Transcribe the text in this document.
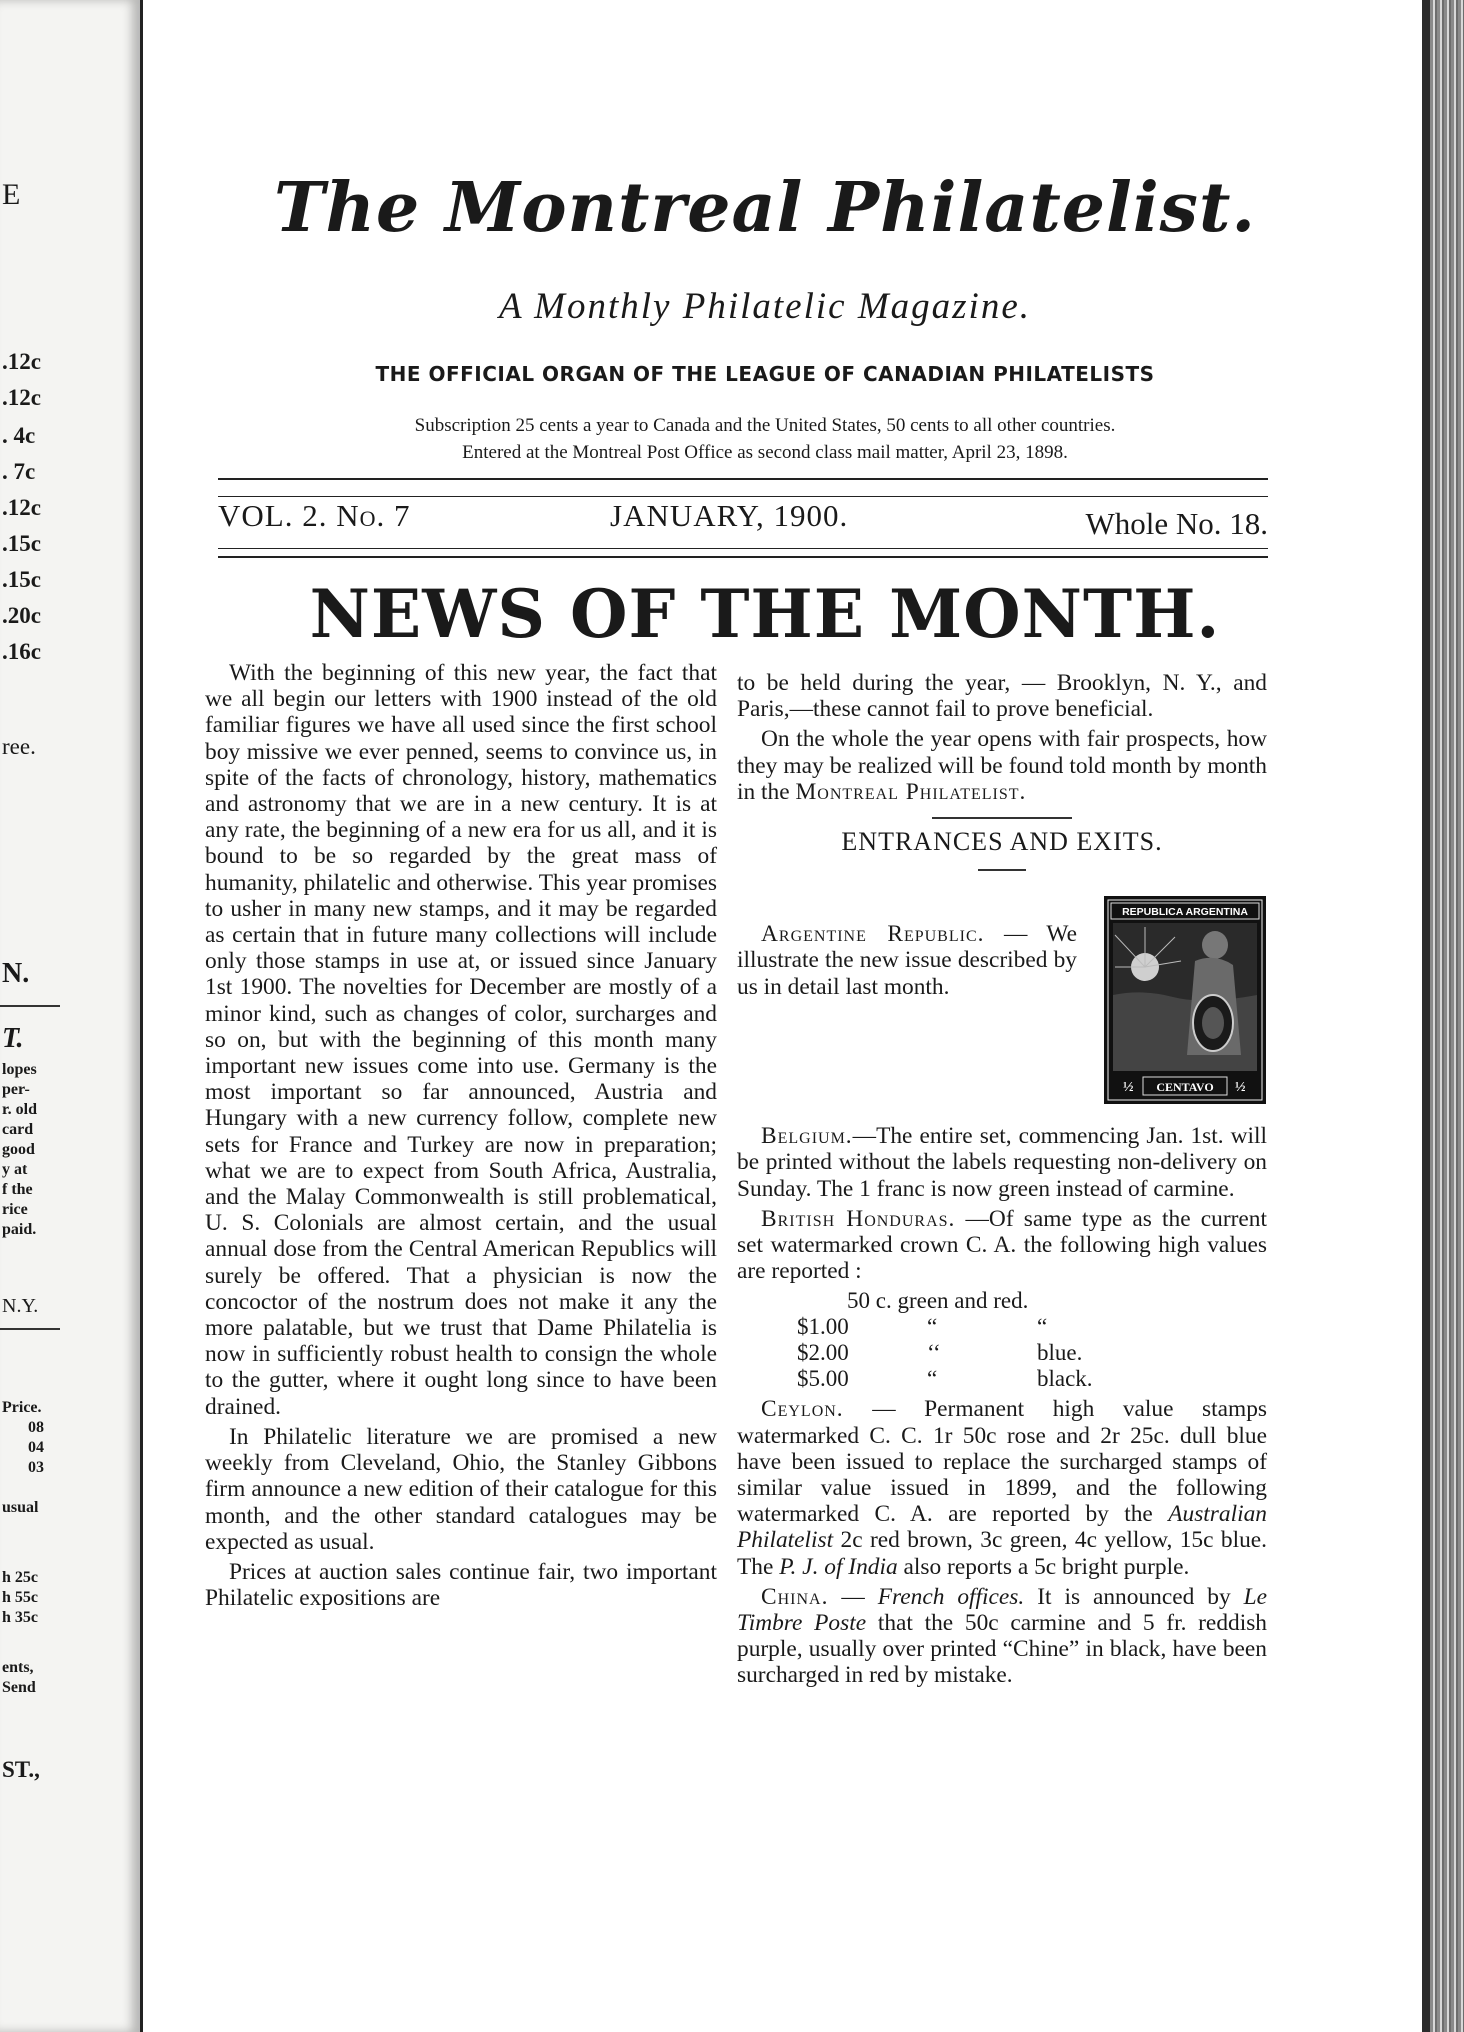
E
.12c
.12c
. 4c
. 7c
.12c
.15c
.15c
.20c
.16c
ree.
N.
T.
lopes
per-
r. old
card
good
y at
f the
rice
paid.
N.Y.
Price.
08
04
03
usual
h 25c
h 55c
h 35c
ents,
Send
ST.,
The Montreal Philatelist.
A Monthly Philatelic Magazine.
THE OFFICIAL ORGAN OF THE LEAGUE OF CANADIAN PHILATELISTS
Subscription 25 cents a year to Canada and the United States, 50 cents to all other countries.
Entered at the Montreal Post Office as second class mail matter, April 23, 1898.
VOL. 2. No. 7	JANUARY, 1900.	Whole No. 18.
NEWS OF THE MONTH.

With the beginning of this new year, the fact that we all begin our letters with 1900 instead of the old familiar figures we have all used since the first school boy missive we ever penned, seems to convince us, in spite of the facts of chronology, history, mathematics and astronomy that we are in a new century. It is at any rate, the beginning of a new era for us all, and it is bound to be so regarded by the great mass of humanity, philatelic and otherwise. This year promises to usher in many new stamps, and it may be regarded as certain that in future many collections will include only those stamps in use at, or issued since January 1st 1900. The novelties for December are mostly of a minor kind, such as changes of color, surcharges and so on, but with the beginning of this month many important new issues come into use. Germany is the most important so far announced, Austria and Hungary with a new currency follow, complete new sets for France and Turkey are now in preparation; what we are to expect from South Africa, Australia, and the Malay Commonwealth is still problematical, U. S. Colonials are almost certain, and the usual annual dose from the Central American Republics will surely be offered. That a physician is now the concoctor of the nostrum does not make it any the more palatable, but we trust that Dame Philatelia is now in sufficiently robust health to consign the whole to the gutter, where it ought long since to have been drained.

In Philatelic literature we are promised a new weekly from Cleveland, Ohio, the Stanley Gibbons firm announce a new edition of their catalogue for this month, and the other standard catalogues may be expected as usual.

Prices at auction sales continue fair, two important Philatelic expositions are

to be held during the year, — Brooklyn, N. Y., and Paris,—these cannot fail to prove beneficial.

On the whole the year opens with fair prospects, how they may be realized will be found told month by month in the Montreal Philatelist.

ENTRANCES AND EXITS.

Argentine Republic. — We illustrate the new issue described by us in detail last month.

REPUBLICA ARGENTINA
½ CENTAVO ½

Belgium.—The entire set, commencing Jan. 1st. will be printed without the labels requesting non-delivery on Sunday. The 1 franc is now green instead of carmine.

British Honduras. —Of same type as the current set watermarked crown C. A. the following high values are reported :

50 c. green and red.
$1.00	“	“
$2.00	‘‘	blue.
$5.00	“	black.

Ceylon. — Permanent high value stamps watermarked C. C. 1r 50c rose and 2r 25c. dull blue have been issued to replace the surcharged stamps of similar value issued in 1899, and the following watermarked C. A. are reported by the Australian Philatelist 2c red brown, 3c green, 4c yellow, 15c blue. The P. J. of India also reports a 5c bright purple.

China. — French offices. It is announced by Le Timbre Poste that the 50c carmine and 5 fr. reddish purple, usually over printed “Chine” in black, have been surcharged in red by mistake.
